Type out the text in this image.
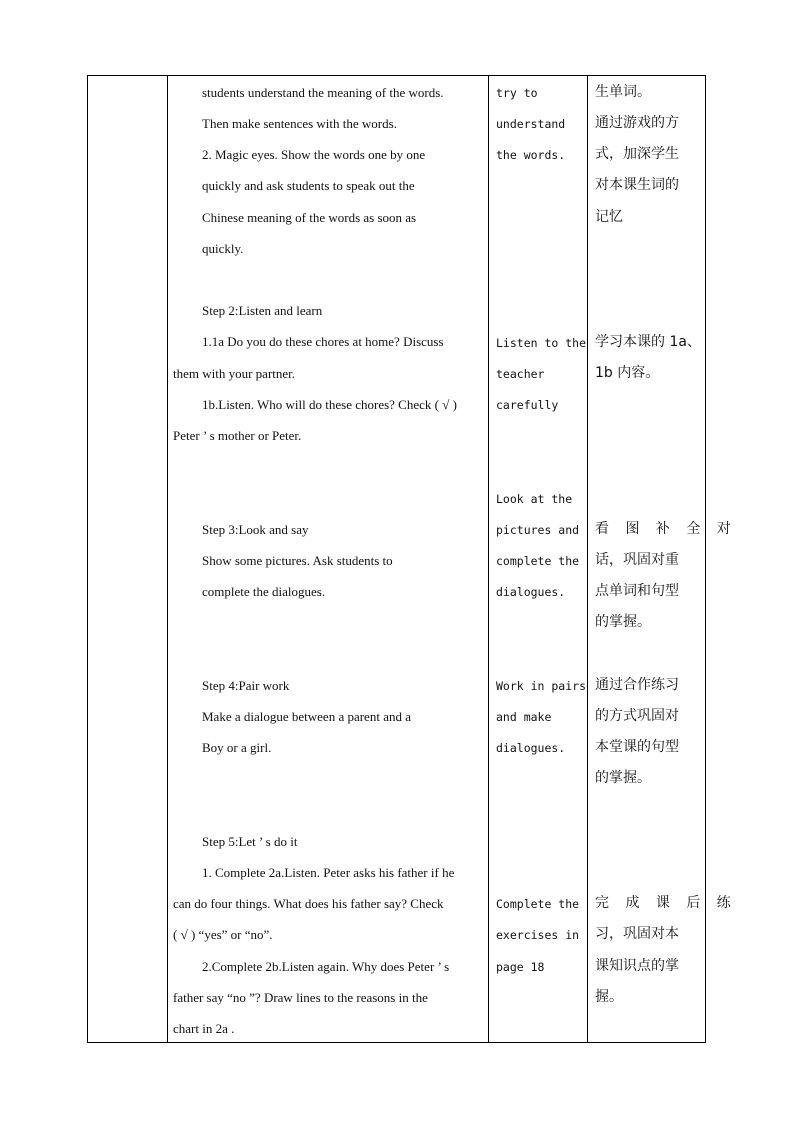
students understand the meaning of the words.
Then make sentences with the words.
2. Magic eyes. Show the words one by one
quickly and ask students to speak out the
Chinese meaning of the words as soon as
quickly.
Step 2:Listen and learn
1.1a Do you do these chores at home? Discuss
them with your partner.
1b.Listen. Who will do these chores? Check ( √ )
Peter ’ s mother or Peter.
Step 3:Look and say
Show some pictures. Ask students to
complete the dialogues.
Step 4:Pair work
Make a dialogue between a parent and a
Boy or a girl.
Step 5:Let ’ s do it
1. Complete 2a.Listen. Peter asks his father if he
can do four things. What does his father say? Check
( √ ) “yes” or “no”.
2.Complete 2b.Listen again. Why does Peter ’ s
father say “no ”? Draw lines to the reasons in the
chart in 2a .
try to
understand
the words.
Listen to the
teacher
carefully
Look at the
pictures and
complete the
dialogues.
Work in pairs
and make
dialogues.
Complete the
exercises in
page 18
生单词。
通过游戏的方
式，加深学生
对本课生词的
记忆
学习本课的 1a、
1b 内容。
看 图 补 全 对
话，巩固对重
点单词和句型
的掌握。
通过合作练习
的方式巩固对
本堂课的句型
的掌握。
完 成 课 后 练
习，巩固对本
课知识点的掌
握。
